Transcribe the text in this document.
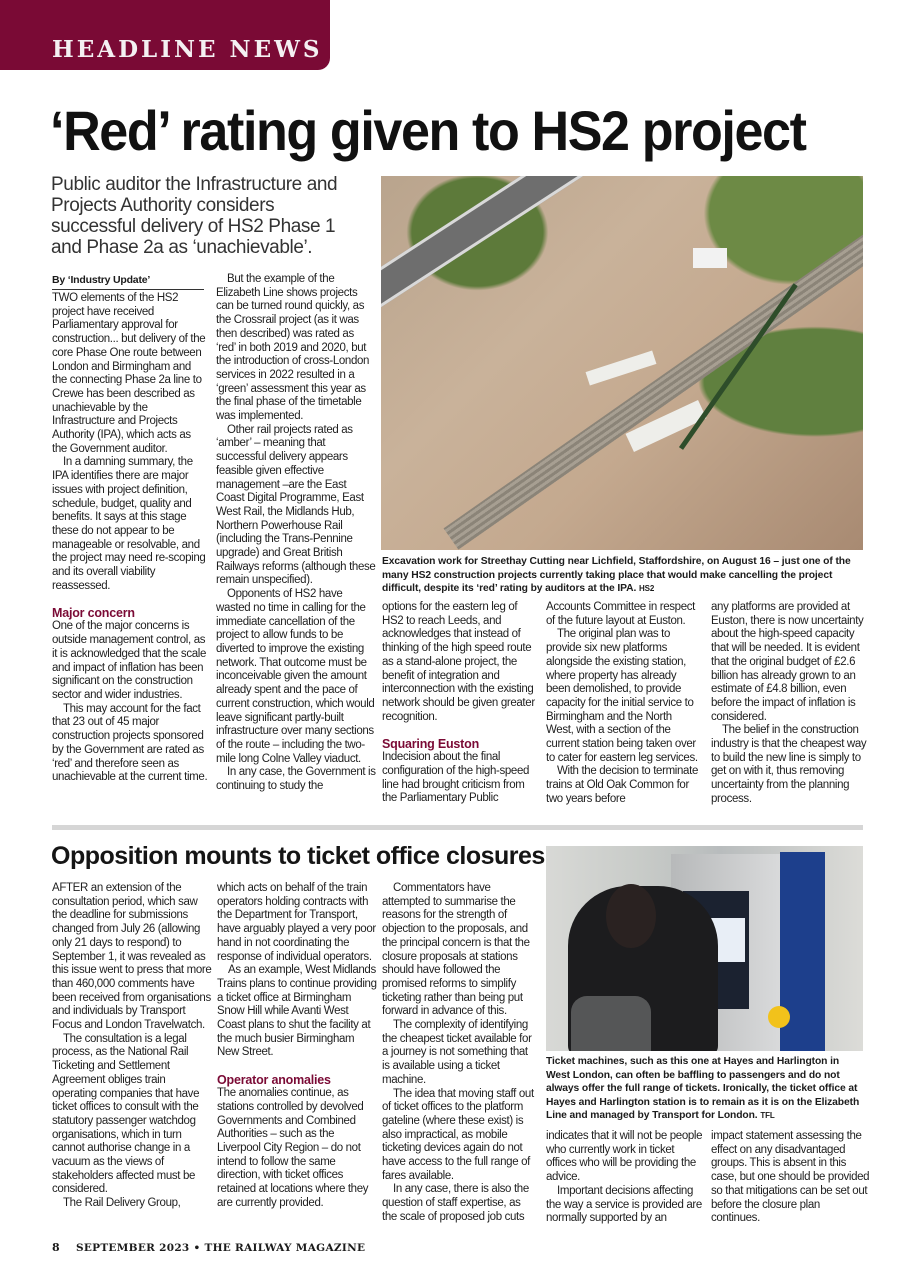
HEADLINE NEWS
‘Red’ rating given to HS2 project

Public auditor the Infrastructure and Projects Authority considers successful delivery of HS2 Phase 1 and Phase 2a as ‘unachievable’.

Excavation work for Streethay Cutting near Lichfield, Staffordshire, on August 16 – just one of the many HS2 construction projects currently taking place that would make cancelling the project difficult, despite its ‘red’ rating by auditors at the IPA. HS2
By ‘Industry Update’

TWO elements of the HS2 project have received Parliamentary approval for construction... but delivery of the core Phase One route between London and Birmingham and the connecting Phase 2a line to Crewe has been described as unachievable by the Infrastructure and Projects Authority (IPA), which acts as the Government auditor.

In a damning summary, the IPA identifies there are major issues with project definition, schedule, budget, quality and benefits. It says at this stage these do not appear to be manageable or resolvable, and the project may need re-scoping and its overall viability reassessed.

Major concern

One of the major concerns is outside management control, as it is acknowledged that the scale and impact of inflation has been significant on the construction sector and wider industries.

This may account for the fact that 23 out of 45 major construction projects sponsored by the Government are rated as ‘red’ and therefore seen as unachievable at the current time.

But the example of the Elizabeth Line shows projects can be turned round quickly, as the Crossrail project (as it was then described) was rated as ‘red’ in both 2019 and 2020, but the introduction of cross-London services in 2022 resulted in a ‘green’ assessment this year as the final phase of the timetable was implemented.

Other rail projects rated as ‘amber’ – meaning that successful delivery appears feasible given effective management –are the East Coast Digital Programme, East West Rail, the Midlands Hub, Northern Powerhouse Rail (including the Trans-Pennine upgrade) and Great British Railways reforms (although these remain unspecified).

Opponents of HS2 have wasted no time in calling for the immediate cancellation of the project to allow funds to be diverted to improve the existing network. That outcome must be inconceivable given the amount already spent and the pace of current construction, which would leave significant partly-built infrastructure over many sections of the route – including the two-mile long Colne Valley viaduct.

In any case, the Government is continuing to study the

options for the eastern leg of HS2 to reach Leeds, and acknowledges that instead of thinking of the high speed route as a stand-alone project, the benefit of integration and interconnection with the existing network should be given greater recognition.

Squaring Euston

Indecision about the final configuration of the high-speed line had brought criticism from the Parliamentary Public

Accounts Committee in respect of the future layout at Euston.

The original plan was to provide six new platforms alongside the existing station, where property has already been demolished, to provide capacity for the initial service to Birmingham and the North West, with a section of the current station being taken over to cater for eastern leg services.

With the decision to terminate trains at Old Oak Common for two years before

any platforms are provided at Euston, there is now uncertainty about the high-speed capacity that will be needed. It is evident that the original budget of £2.6 billion has already grown to an estimate of £4.8 billion, even before the impact of inflation is considered.

The belief in the construction industry is that the cheapest way to build the new line is simply to get on with it, thus removing uncertainty from the planning process.

Opposition mounts to ticket office closures
Ticket machines, such as this one at Hayes and Harlington in West London, can often be baffling to passengers and do not always offer the full range of tickets. Ironically, the ticket office at Hayes and Harlington station is to remain as it is on the Elizabeth Line and managed by Transport for London. TFL

AFTER an extension of the consultation period, which saw the deadline for submissions changed from July 26 (allowing only 21 days to respond) to September 1, it was revealed as this issue went to press that more than 460,000 comments have been received from organisations and individuals by Transport Focus and London Travelwatch.

The consultation is a legal process, as the National Rail Ticketing and Settlement Agreement obliges train operating companies that have ticket offices to consult with the statutory passenger watchdog organisations, which in turn cannot authorise change in a vacuum as the views of stakeholders affected must be considered.

The Rail Delivery Group,

which acts on behalf of the train operators holding contracts with the Department for Transport, have arguably played a very poor hand in not coordinating the response of individual operators.

As an example, West Midlands Trains plans to continue providing a ticket office at Birmingham Snow Hill while Avanti West Coast plans to shut the facility at the much busier Birmingham New Street.

Operator anomalies

The anomalies continue, as stations controlled by devolved Governments and Combined Authorities – such as the Liverpool City Region – do not intend to follow the same direction, with ticket offices retained at locations where they are currently provided.

Commentators have attempted to summarise the reasons for the strength of objection to the proposals, and the principal concern is that the closure proposals at stations should have followed the promised reforms to simplify ticketing rather than being put forward in advance of this.

The complexity of identifying the cheapest ticket available for a journey is not something that is available using a ticket machine.

The idea that moving staff out of ticket offices to the platform gateline (where these exist) is also impractical, as mobile ticketing devices again do not have access to the full range of fares available.

In any case, there is also the question of staff expertise, as the scale of proposed job cuts

indicates that it will not be people who currently work in ticket offices who will be providing the advice.

Important decisions affecting the way a service is provided are normally supported by an

impact statement assessing the effect on any disadvantaged groups. This is absent in this case, but one should be provided so that mitigations can be set out before the closure plan continues.

8 SEPTEMBER 2023 • THE RAILWAY MAGAZINE
